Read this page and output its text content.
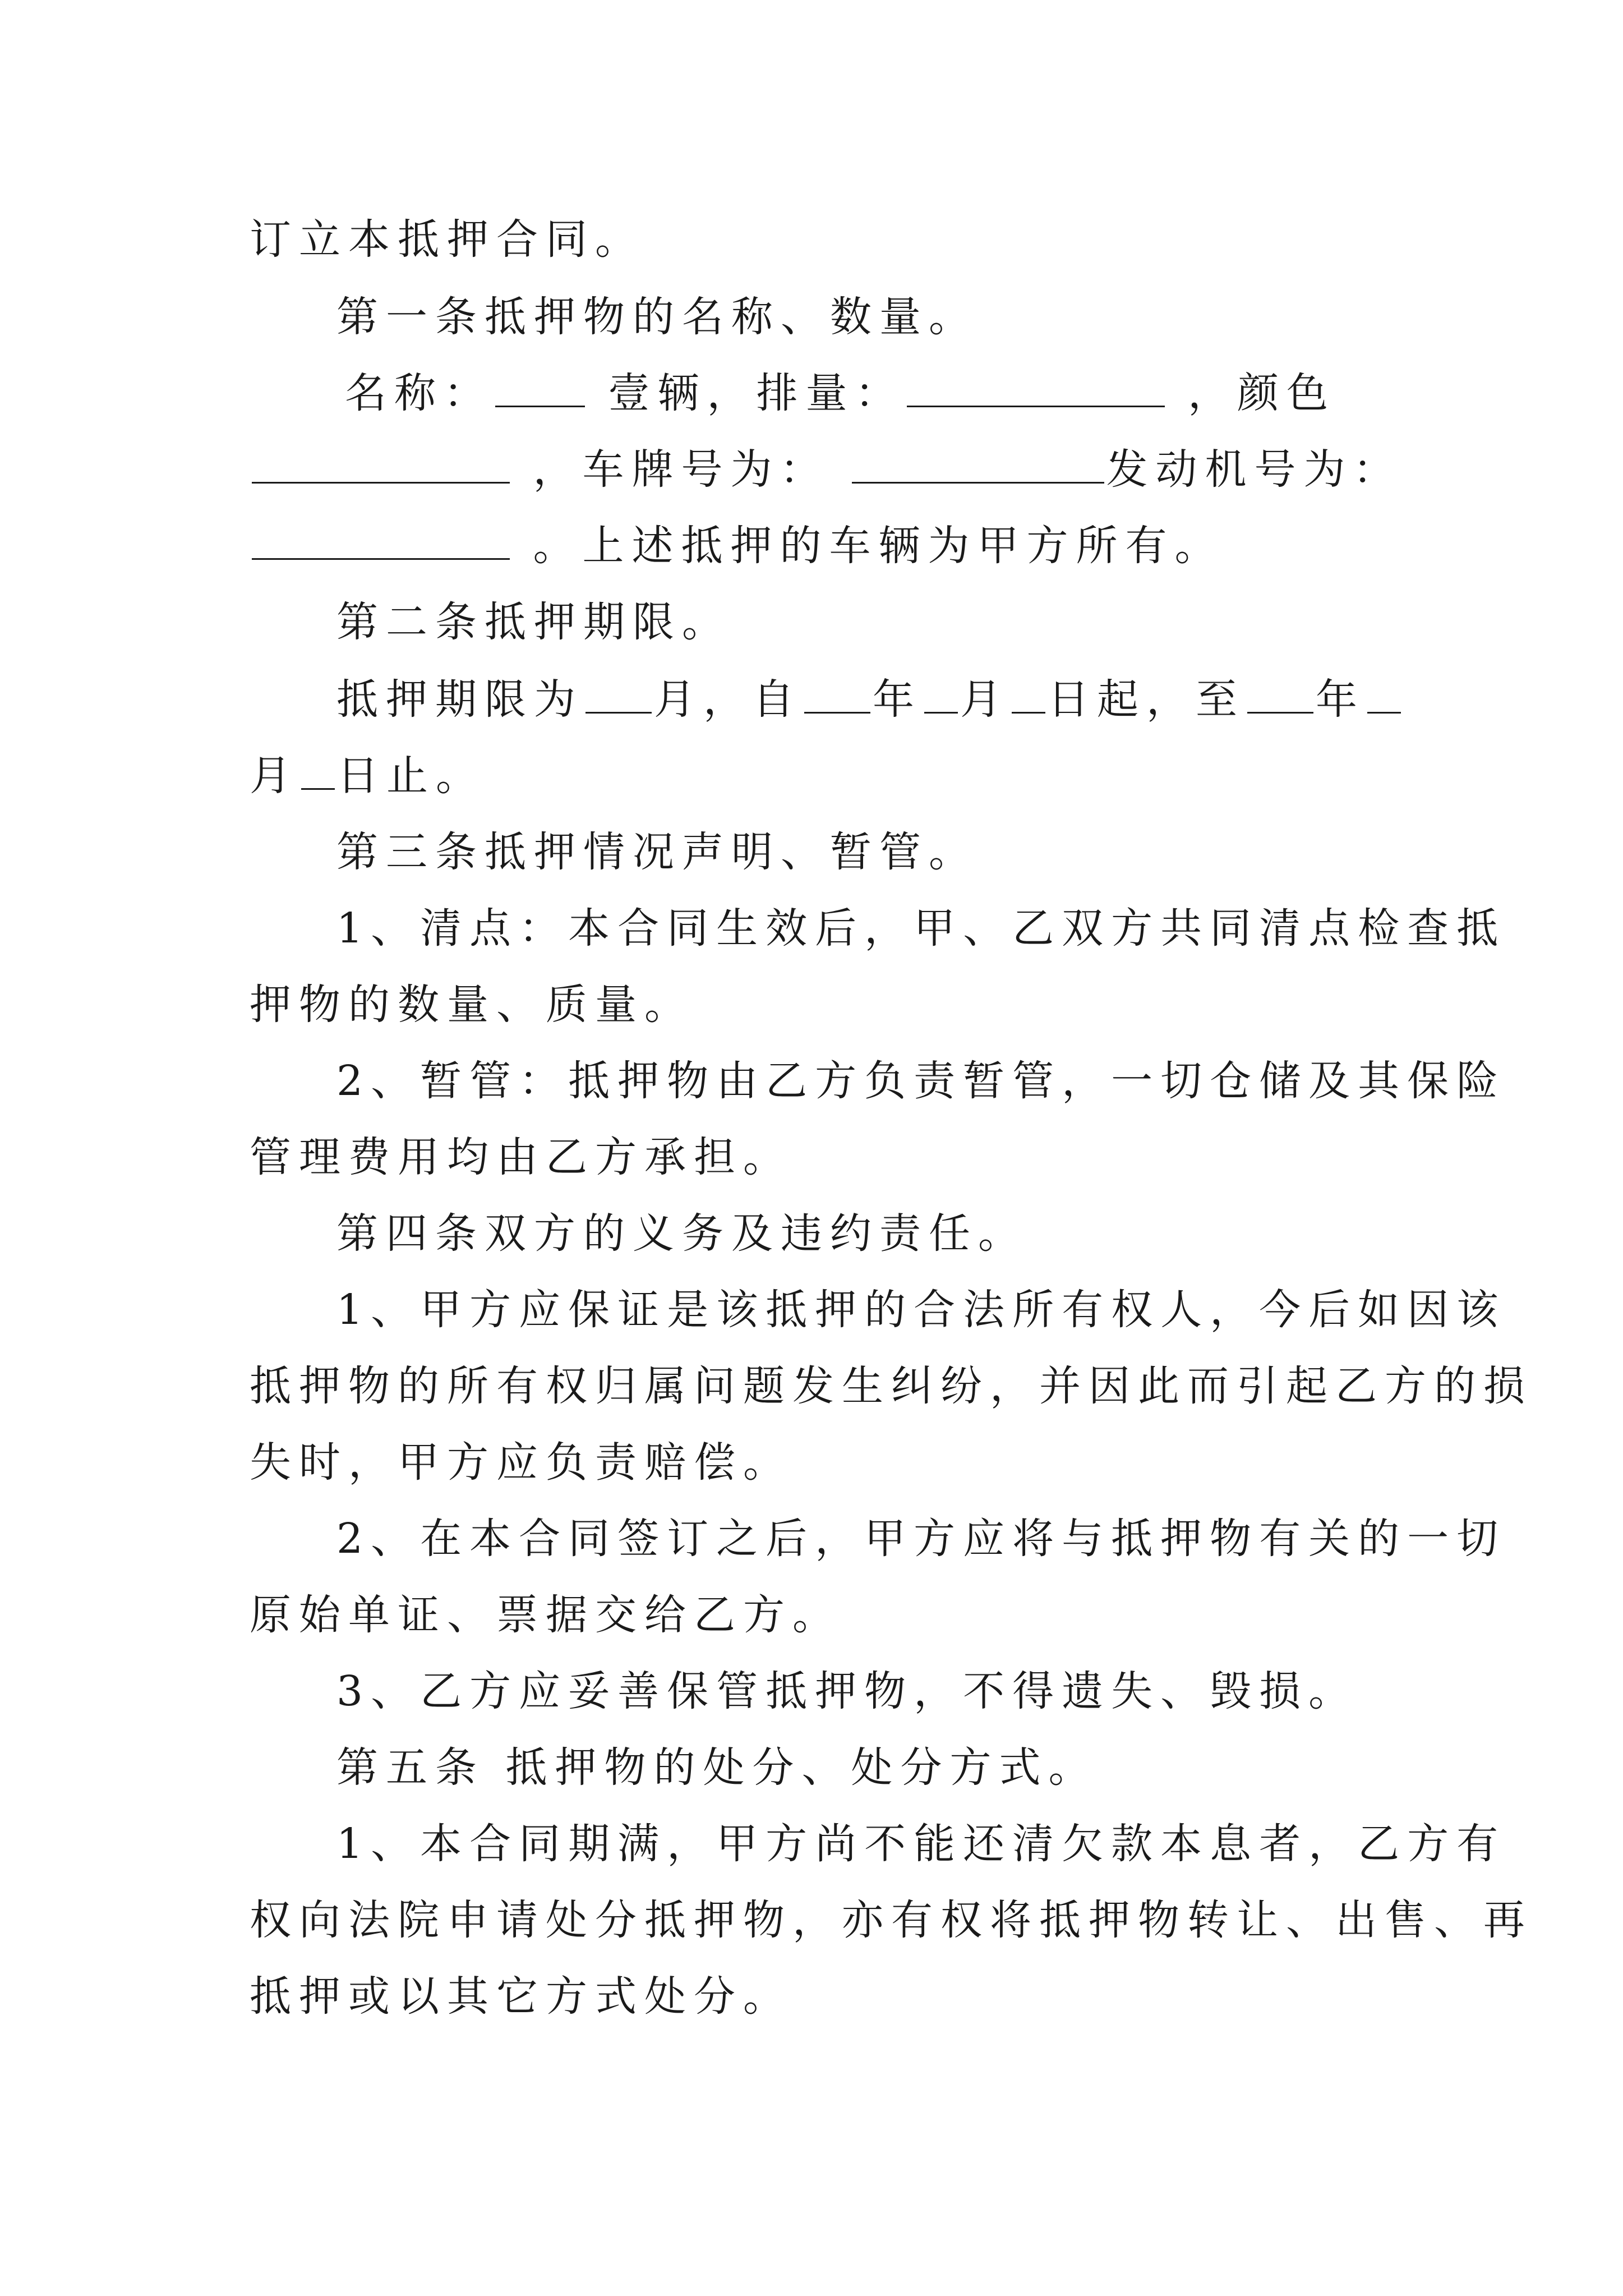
订立本抵押合同。
第一条抵押物的名称、数量。
名称：	壹辆，排量：	，颜色
，车牌号为：	发动机号为：
。上述抵押的车辆为甲方所有。
第二条抵押期限。
抵押期限为 月，自 年 月 日起，至 年
月 日止。
第三条抵押情况声明、暂管。
1、清点：本合同生效后，甲、乙双方共同清点检查抵
押物的数量、质量。
2、暂管：抵押物由乙方负责暂管，一切仓储及其保险
管理费用均由乙方承担。
第四条双方的义务及违约责任。
1、甲方应保证是该抵押的合法所有权人，今后如因该
抵押物的所有权归属问题发生纠纷，并因此而引起乙方的损
失时，甲方应负责赔偿。
2、在本合同签订之后，甲方应将与抵押物有关的一切
原始单证、票据交给乙方。
3、乙方应妥善保管抵押物，不得遗失、毁损。
第五条 抵押物的处分、处分方式。
1、本合同期满，甲方尚不能还清欠款本息者，乙方有
权向法院申请处分抵押物，亦有权将抵押物转让、出售、再
抵押或以其它方式处分。
